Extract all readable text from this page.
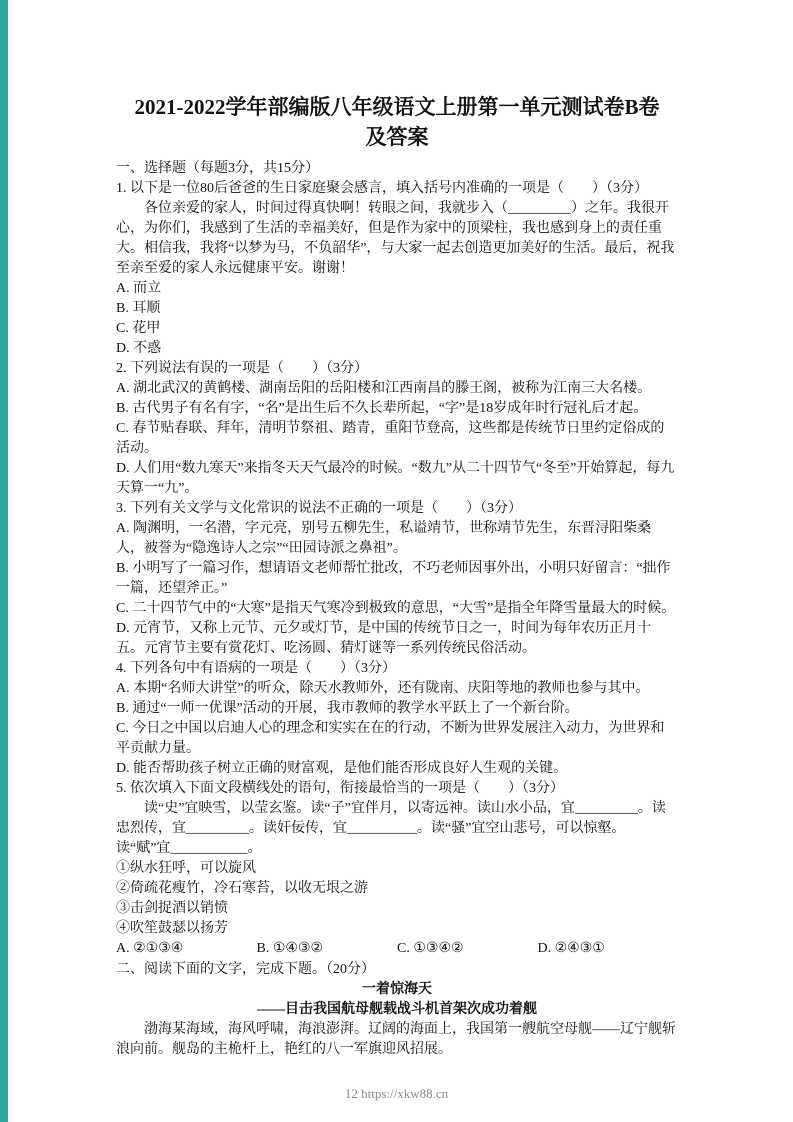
2021-2022学年部编版八年级语文上册第一单元测试卷B卷
及答案
一、选择题（每题3分，共15分）
1. 以下是一位80后爸爸的生日家庭聚会感言，填入括号内准确的一项是（　　）（3分）
各位亲爱的家人，时间过得真快啊！转眼之间，我就步入（_________）之年。我很开心，为你们，我感到了生活的幸福美好，但是作为家中的顶梁柱，我也感到身上的责任重大。相信我，我将“以梦为马，不负韶华”，与大家一起去创造更加美好的生活。最后，祝我至亲至爱的家人永远健康平安。谢谢！
A. 而立
B. 耳顺
C. 花甲
D. 不惑
2. 下列说法有误的一项是（　　）（3分）
A. 湖北武汉的黄鹤楼、湖南岳阳的岳阳楼和江西南昌的滕王阁，被称为江南三大名楼。
B. 古代男子有名有字，“名”是出生后不久长辈所起，“字”是18岁成年时行冠礼后才起。
C. 春节贴春联、拜年，清明节祭祖、踏青，重阳节登高，这些都是传统节日里约定俗成的活动。
D. 人们用“数九寒天”来指冬天天气最冷的时候。“数九”从二十四节气“冬至”开始算起，每九天算一“九”。
3. 下列有关文学与文化常识的说法不正确的一项是（　　）（3分）
A. 陶渊明，一名潜，字元亮，别号五柳先生，私谥靖节，世称靖节先生，东晋浔阳柴桑人，被誉为“隐逸诗人之宗”“田园诗派之鼻祖”。
B. 小明写了一篇习作，想请语文老师帮忙批改，不巧老师因事外出，小明只好留言：“拙作一篇，还望斧正。”
C. 二十四节气中的“大寒”是指天气寒冷到极致的意思，“大雪”是指全年降雪量最大的时候。
D. 元宵节，又称上元节、元夕或灯节，是中国的传统节日之一，时间为每年农历正月十五。元宵节主要有赏花灯、吃汤圆、猜灯谜等一系列传统民俗活动。
4. 下列各句中有语病的一项是（　　）（3分）
A. 本期“名师大讲堂”的听众，除天水教师外，还有陇南、庆阳等地的教师也参与其中。
B. 通过“一师一优课”活动的开展，我市教师的教学水平跃上了一个新台阶。
C. 今日之中国以启迪人心的理念和实实在在的行动，不断为世界发展注入动力，为世界和平贡献力量。
D. 能否帮助孩子树立正确的财富观，是他们能否形成良好人生观的关键。
5. 依次填入下面文段横线处的语句，衔接最恰当的一项是（　　）（3分）
读“史”宜映雪，以莹玄鉴。读“子”宜伴月，以寄远神。读山水小品，宜_________。读忠烈传，宜_________。读奸佞传，宜__________。读“骚”宜空山悲号，可以惊壑。读“赋”宜___________。
①纵水狂呼，可以旋风
②倚疏花瘦竹，冷石寒苔，以收无垠之游
③击剑捉酒以销愤
④吹笙鼓瑟以扬芳
A. ②①③④	B. ①④③②	C. ①③④②	D. ②④③①
二、阅读下面的文字，完成下题。（20分）
一着惊海天
——目击我国航母舰载战斗机首架次成功着舰
渤海某海域，海风呼啸，海浪澎湃。辽阔的海面上，我国第一艘航空母舰——辽宁舰斩浪向前。舰岛的主桅杆上，艳红的八一军旗迎风招展。
12 https://xkw88.cn
